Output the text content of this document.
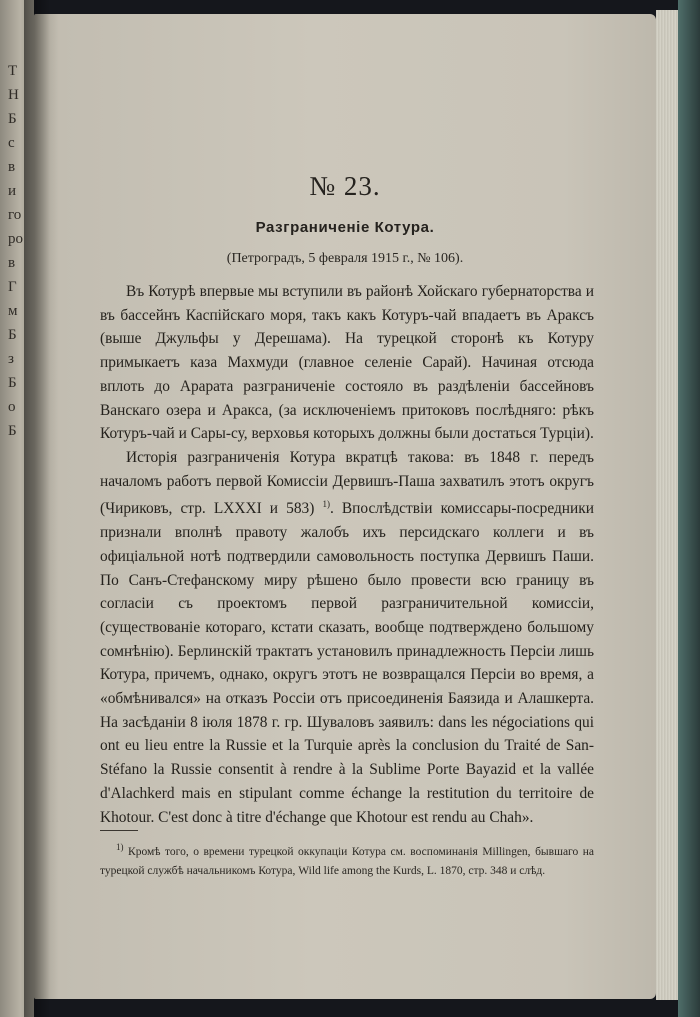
Т
Н
Б
с
в
и
го
ро
в
Г
м
Б
з
Б
о
Б
№ 23.
Разграниченіе Котура.
(Петроградъ, 5 февраля 1915 г., № 106).

Въ Котурѣ впервые мы вступили въ районѣ Хойскаго губернаторства и въ бассейнъ Каспійскаго моря, такъ какъ Котуръ-чай впадаетъ въ Араксъ (выше Джульфы у Дерешама). На турецкой сторонѣ къ Котуру примыкаетъ каза Махмуди (главное селеніе Сарай). Начиная отсюда вплоть до Арарата разграниченіе состояло въ раздѣленіи бассейновъ Ванскаго озера и Аракса, (за исключеніемъ притоковъ послѣднягo: рѣкъ Котуръ-чай и Сары-су, верховья которыхъ должны были достаться Турціи).

Исторія разграниченія Котура вкратцѣ такова: въ 1848 г. передъ началомъ работъ первой Комиссіи Дервишъ-Паша захватилъ этотъ округъ (Чириковъ, стр. LXXXI и 583) $^{1)}$. Впослѣдствіи комиссары-посредники признали вполнѣ правоту жалобъ ихъ персидскаго коллеги и въ офиціальной нотѣ подтвердили самовольность поступка Дервишъ Паши. По Санъ-Стефанскому миру рѣшено было провести всю границу въ согласіи съ проектомъ первой разграничительной комиссіи, (существованіе котораго, кстати сказать, вообще подтверждено большому сомнѣнію). Берлинскій трактатъ установилъ принадлежность Персіи лишь Котура, причемъ, однако, округъ этотъ не возвращался Персіи во время, а «обмѣнивался» на отказъ Россіи отъ присоединенія Баязида и Алашкерта. На засѣданіи 8 іюля 1878 г. гр. Шуваловъ заявилъ: dans les négociations qui ont eu lieu entre la Russie et la Turquie après la conclusion du Traité de San-Stéfano la Russie consentit à rendre à la Sublime Porte Bayazid et la vallée d'Alachkerd mais en stipulant comme échange la restitution du territoire de Khotour. C'est donc à titre d'échange que Khotour est rendu au Chah».

$^{1)}$ Кромѣ того, о времени турецкой оккупаціи Котура см. воспоминанія Millingen, бывшаго на турецкой службѣ начальникомъ Котура, Wild life among the Kurds, L. 1870, стр. 348 и слѣд.
